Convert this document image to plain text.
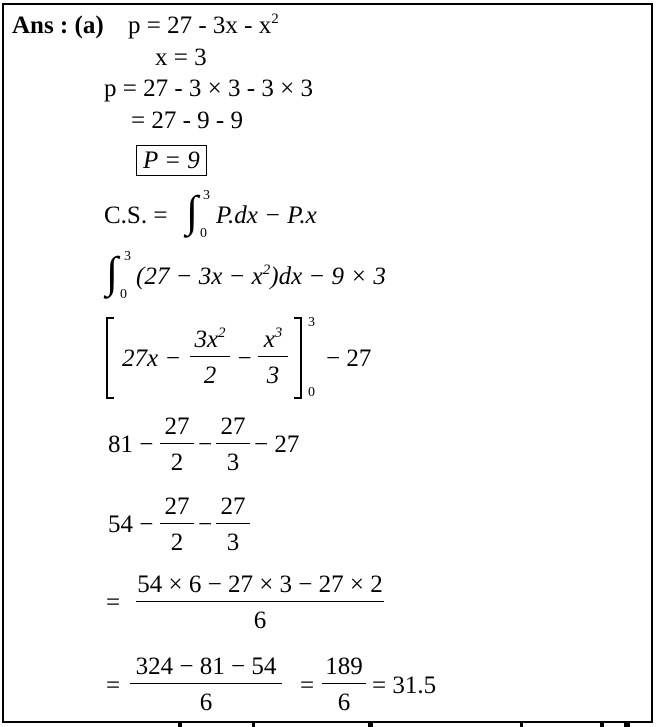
Ans : (a) $p = 27 - 3x - x^2$
x = 3
p = 27 - 3 × 3 - 3 × 3
= 27 - 9 - 9
P = 9
C.S. = ∫ 3
0
P.dx − P.x
∫ 3
0
$(27 - 3x - x^2)dx - 9 \times 3$
27x −
$3x^2$
2
−
$x^3$
3
3
0
− 27
81 −
27
2
−
27
3
− 27
54 −
27
2
−
27
3
=
54 × 6 − 27 × 3 − 27 × 2
6
=
324 − 81 − 54
6
=
189
6
= 31.5
